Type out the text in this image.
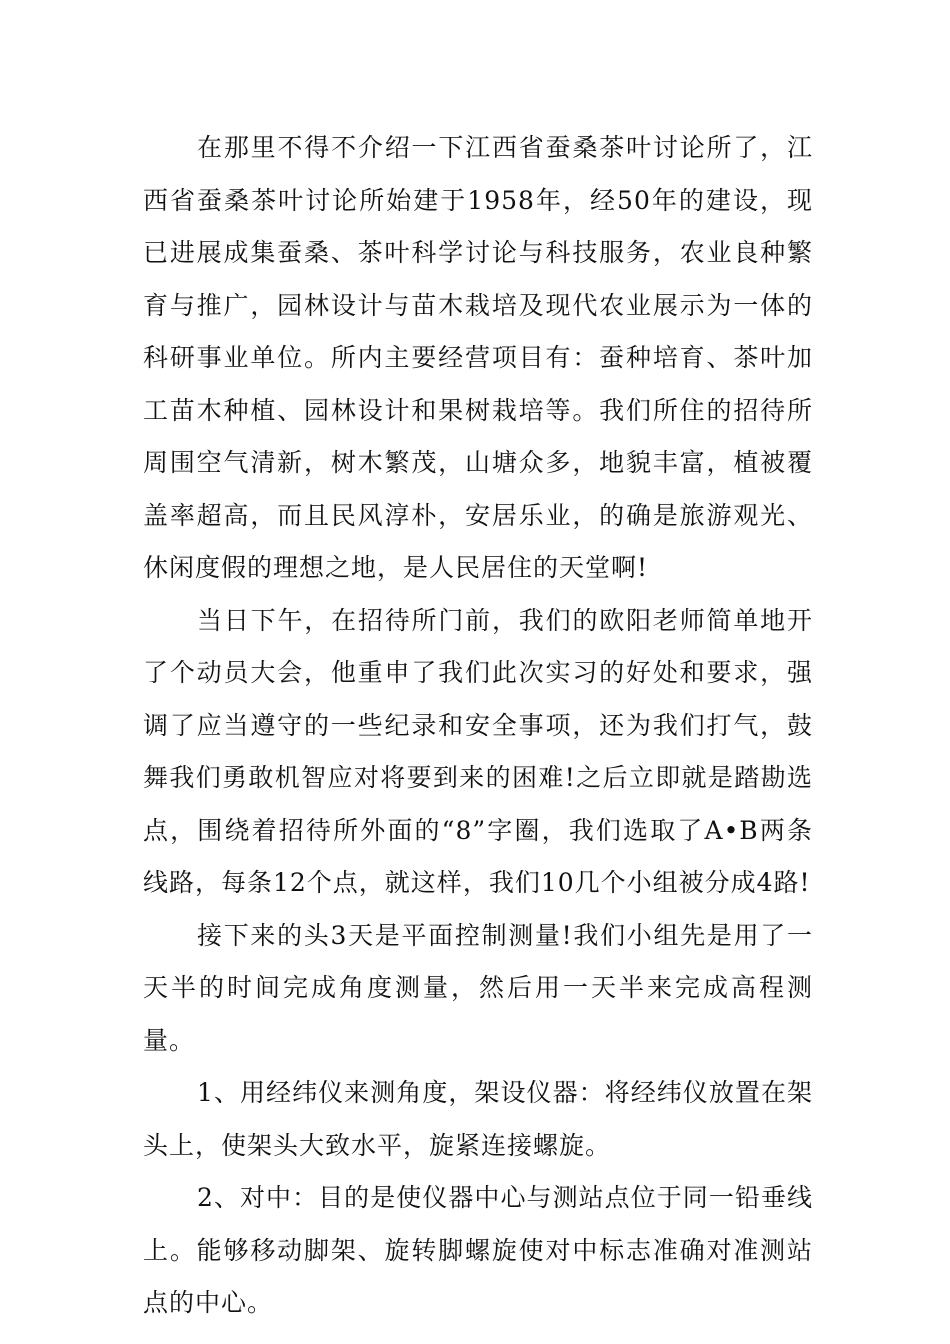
在那里不得不介绍一下江西省蚕桑茶叶讨论所了，江西省蚕桑茶叶讨论所始建于1958年，经50年的建设，现已进展成集蚕桑、茶叶科学讨论与科技服务，农业良种繁育与推广，园林设计与苗木栽培及现代农业展示为一体的科研事业单位。所内主要经营项目有：蚕种培育、茶叶加工苗木种植、园林设计和果树栽培等。我们所住的招待所周围空气清新，树木繁茂，山塘众多，地貌丰富，植被覆盖率超高，而且民风淳朴，安居乐业，的确是旅游观光、休闲度假的理想之地，是人民居住的天堂啊!

当日下午，在招待所门前，我们的欧阳老师简单地开了个动员大会，他重申了我们此次实习的好处和要求，强调了应当遵守的一些纪录和安全事项，还为我们打气，鼓舞我们勇敢机智应对将要到来的困难!之后立即就是踏勘选点，围绕着招待所外面的“8”字圈，我们选取了A•B两条线路，每条12个点，就这样，我们10几个小组被分成4路!

接下来的头3天是平面控制测量!我们小组先是用了一天半的时间完成角度测量，然后用一天半来完成高程测量。

1、用经纬仪来测角度，架设仪器：将经纬仪放置在架头上，使架头大致水平，旋紧连接螺旋。

2、对中：目的是使仪器中心与测站点位于同一铅垂线上。能够移动脚架、旋转脚螺旋使对中标志准确对准测站点的中心。
